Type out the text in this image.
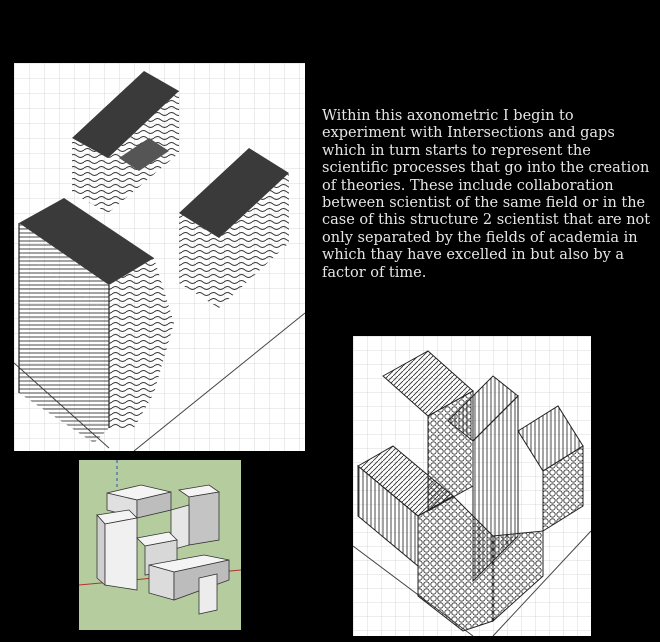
Within this axonometric I begin to experiment with Intersections and gaps which in turn starts to represent the scientific processes that go into the creation of theories. These include collaboration between scientist of the same field or in the case of this structure 2 scientist that are not only separated by the fields of academia in which thay have excelled in but also by a factor of time.
